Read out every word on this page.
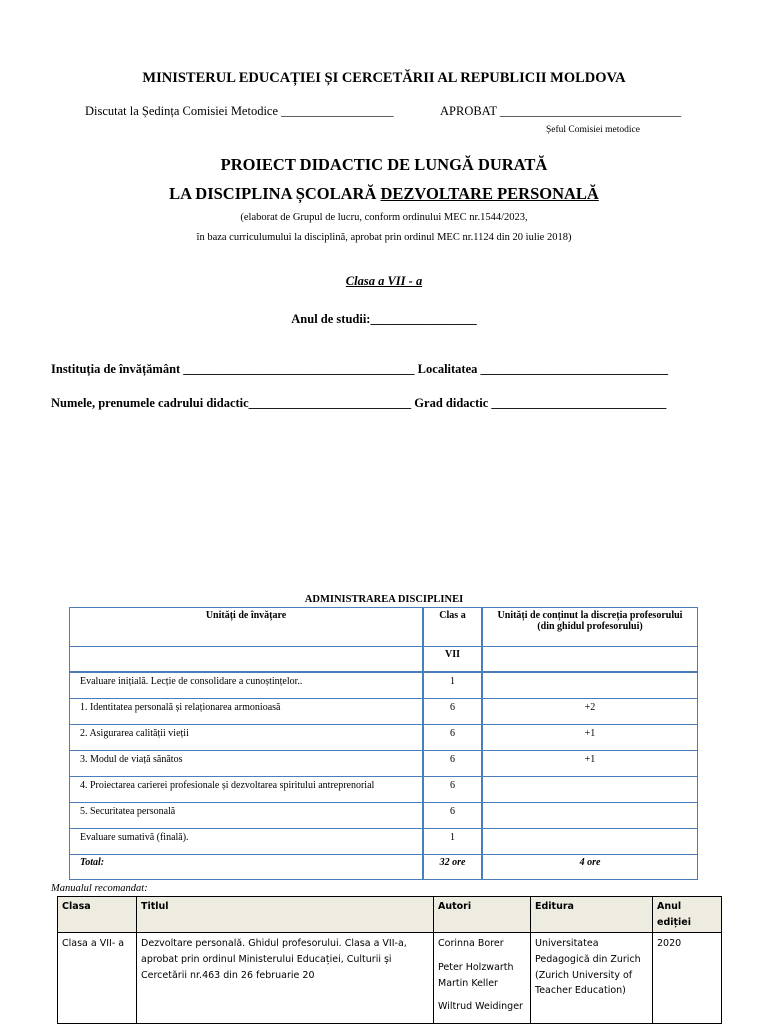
MINISTERUL EDUCAȚIEI ȘI CERCETĂRII AL REPUBLICII MOLDOVA
Discutat la Ședința Comisiei Metodice __________________	APROBAT _____________________________
Șeful Comisiei metodice
PROIECT DIDACTIC DE LUNGĂ DURATĂ
LA DISCIPLINA ȘCOLARĂ DEZVOLTARE PERSONALĂ
(elaborat de Grupul de lucru, conform ordinului MEC nr.1544/2023,
în baza curriculumului la disciplină, aprobat prin ordinul MEC nr.1124 din 20 iulie 2018)
Clasa a VII - a
Anul de studii:_________________
Instituția de învățământ _____________________________________ Localitatea ______________________________
Numele, prenumele cadrului didactic__________________________ Grad didactic ____________________________
ADMINISTRAREA DISCIPLINEI
Unități de învățare	Clas a	Unități de conținut la discreția profesorului (din ghidul profesorului)
	VII	
Evaluare inițială. Lecție de consolidare a cunoștințelor..	1	
1. Identitatea personală și relaționarea armonioasă	6	+2
2. Asigurarea calității vieții	6	+1
3. Modul de viață sănătos	6	+1
4. Proiectarea carierei profesionale și dezvoltarea spiritului antreprenorial	6	
5. Securitatea personală	6	
Evaluare sumativă (finală).	1	
Total:	32 ore	4 ore
Manualul recomandat:
Clasa	Titlul	Autori	Editura	Anul ediției
Clasa a VII- a	Dezvoltare personală. Ghidul profesorului. Clasa a VII-a, aprobat prin ordinul Ministerului Educației, Culturii și Cercetării nr.463 din 26 februarie 20	Corinna Borer
Peter Holzwarth
Martin Keller
Wiltrud Weidinger	Universitatea Pedagogică din Zurich (Zurich University of Teacher Education)	2020
